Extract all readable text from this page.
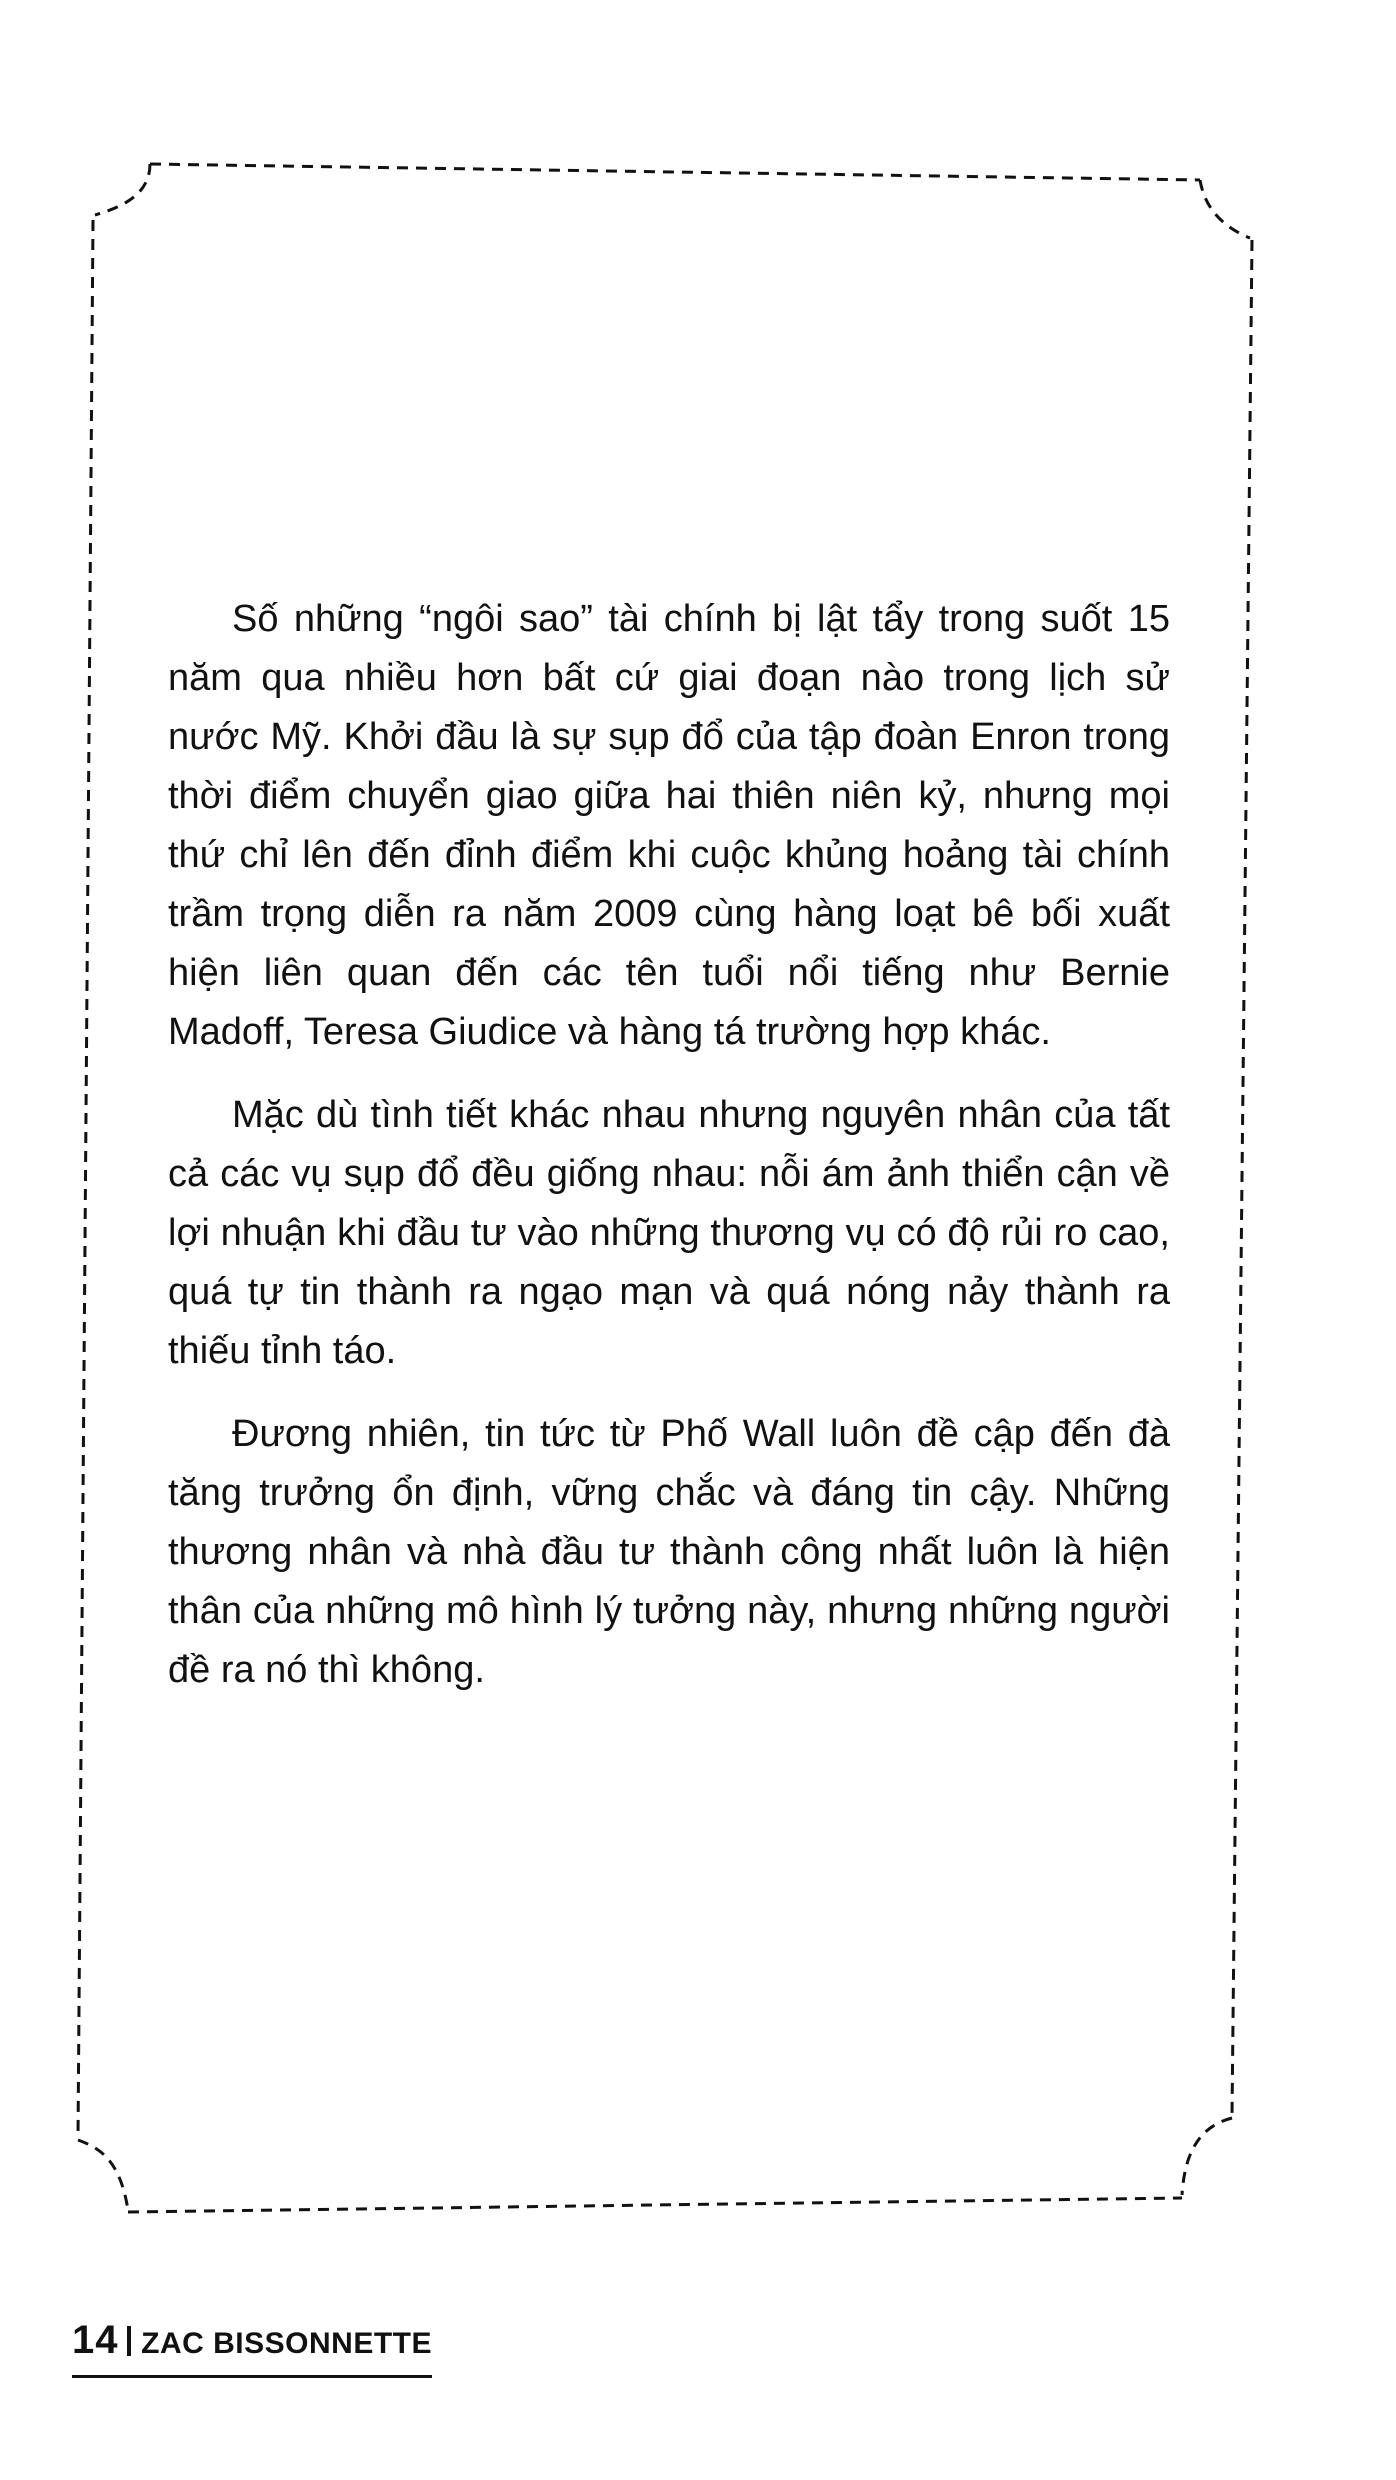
Số những “ngôi sao” tài chính bị lật tẩy trong suốt 15 năm qua nhiều hơn bất cứ giai đoạn nào trong lịch sử nước Mỹ. Khởi đầu là sự sụp đổ của tập đoàn Enron trong thời điểm chuyển giao giữa hai thiên niên kỷ, nhưng mọi thứ chỉ lên đến đỉnh điểm khi cuộc khủng hoảng tài chính trầm trọng diễn ra năm 2009 cùng hàng loạt bê bối xuất hiện liên quan đến các tên tuổi nổi tiếng như Bernie Madoff, Teresa Giudice và hàng tá trường hợp khác.

Mặc dù tình tiết khác nhau nhưng nguyên nhân của tất cả các vụ sụp đổ đều giống nhau: nỗi ám ảnh thiển cận về lợi nhuận khi đầu tư vào những thương vụ có độ rủi ro cao, quá tự tin thành ra ngạo mạn và quá nóng nảy thành ra thiếu tỉnh táo.

Đương nhiên, tin tức từ Phố Wall luôn đề cập đến đà tăng trưởng ổn định, vững chắc và đáng tin cậy. Những thương nhân và nhà đầu tư thành công nhất luôn là hiện thân của những mô hình lý tưởng này, nhưng những người đề ra nó thì không.

14 ZAC BISSONNETTE
